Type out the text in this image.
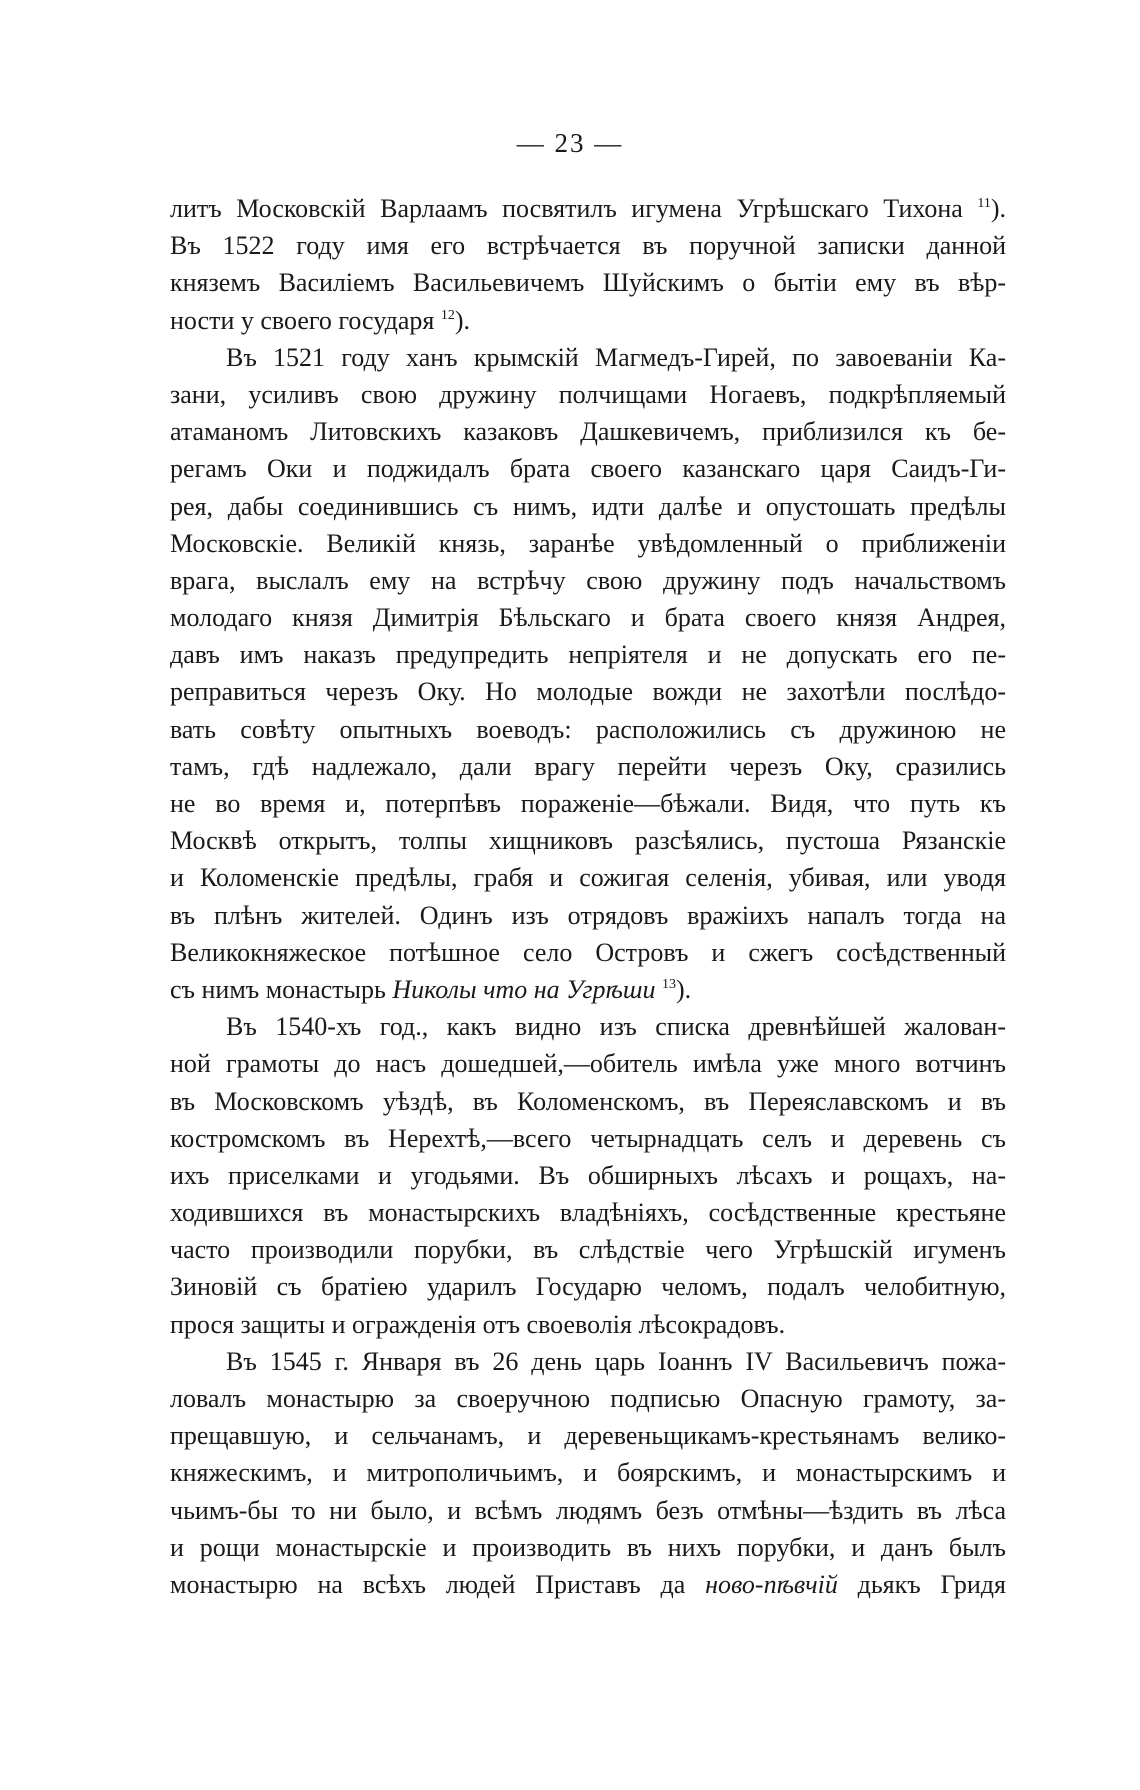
— 23 —
литъ Московскій Варлаамъ посвятилъ игумена Угрѣшскаго Тихона $^{11}$).
Въ 1522 году имя его встрѣчается въ поручной записки данной
княземъ Василіемъ Васильевичемъ Шуйскимъ о бытіи ему въ вѣр-
ности у своего государя $^{12}$).
Въ 1521 году ханъ крымскій Магмедъ-Гирей, по завоеваніи Ка-
зани, усиливъ свою дружину полчищами Ногаевъ, подкрѣпляемый
атаманомъ Литовскихъ казаковъ Дашкевичемъ, приблизился къ бе-
регамъ Оки и поджидалъ брата своего казанскаго царя Саидъ-Ги-
рея, дабы соединившись съ нимъ, идти далѣе и опустошать предѣлы
Московскіе. Великій князь, заранѣе увѣдомленный о приближеніи
врага, выслалъ ему на встрѣчу свою дружину подъ начальствомъ
молодаго князя Димитрія Бѣльскаго и брата своего князя Андрея,
давъ имъ наказъ предупредить непріятеля и не допускать его пе-
реправиться черезъ Оку. Но молодые вожди не захотѣли послѣдо-
вать совѣту опытныхъ воеводъ: расположились съ дружиною не
тамъ, гдѣ надлежало, дали врагу перейти черезъ Оку, сразились
не во время и, потерпѣвъ пораженіе—бѣжали. Видя, что путь къ
Москвѣ открытъ, толпы хищниковъ разсѣялись, пустоша Рязанскіе
и Коломенскіе предѣлы, грабя и сожигая селенія, убивая, или уводя
въ плѣнъ жителей. Одинъ изъ отрядовъ вражіихъ напалъ тогда на
Великокняжеское потѣшное село Островъ и сжегъ сосѣдственный
съ нимъ монастырь Николы что на Угрѣши $^{13}$).
Въ 1540-хъ год., какъ видно изъ списка древнѣйшей жалован-
ной грамоты до насъ дошедшей,—обитель имѣла уже много вотчинъ
въ Московскомъ уѣздѣ, въ Коломенскомъ, въ Переяславскомъ и въ
костромскомъ въ Нерехтѣ,—всего четырнадцать селъ и деревень съ
ихъ приселками и угодьями. Въ обширныхъ лѣсахъ и рощахъ, на-
ходившихся въ монастырскихъ владѣніяхъ, сосѣдственные крестьяне
часто производили порубки, въ слѣдствіе чего Угрѣшскій игуменъ
Зиновій съ братіею ударилъ Государю челомъ, подалъ челобитную,
прося защиты и огражденія отъ своеволія лѣсокрадовъ.
Въ 1545 г. Января въ 26 день царь Іоаннъ IV Васильевичъ пожа-
ловалъ монастырю за своеручною подписью Опасную грамоту, за-
прещавшую, и сельчанамъ, и деревеньщикамъ-крестьянамъ велико-
княжескимъ, и митрополичьимъ, и боярскимъ, и монастырскимъ и
чьимъ-бы то ни было, и всѣмъ людямъ безъ отмѣны—ѣздить въ лѣса
и рощи монастырскіе и производить въ нихъ порубки, и данъ былъ
монастырю на всѣхъ людей Приставъ да ново-пѣвчій дьякъ Гридя
